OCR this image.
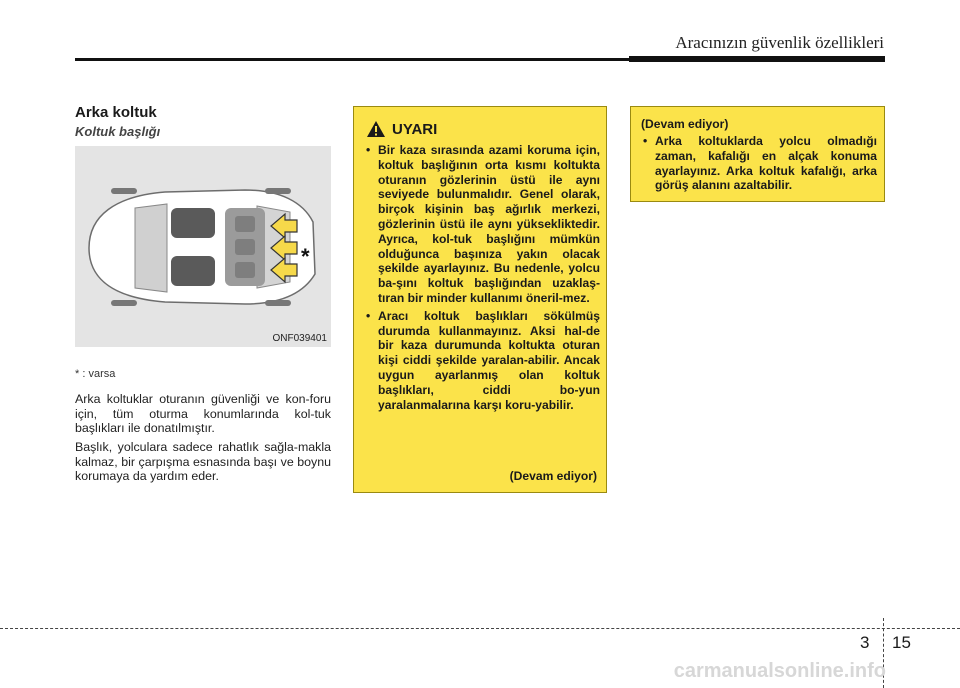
Aracınızın güvenlik özellikleri
Arka koltuk
Koltuk başlığı
*
ONF039401
* : varsa

Arka koltuklar oturanın güvenliği ve kon-foru için, tüm oturma konumlarında kol-tuk başlıkları ile donatılmıştır.

Başlık, yolculara sadece rahatlık sağla-makla kalmaz, bir çarpışma esnasında başı ve boynu korumaya da yardım eder.

UYARI
• Bir kaza sırasında azami koruma için, koltuk başlığının orta kısmı koltukta oturanın gözlerinin üstü ile aynı seviyede bulunmalıdır. Genel olarak, birçok kişinin baş ağırlık merkezi, gözlerinin üstü ile aynı yüksekliktedir. Ayrıca, kol-tuk başlığını mümkün olduğunca başınıza yakın olacak şekilde ayarlayınız. Bu nedenle, yolcu ba-şını koltuk başlığından uzaklaş-tıran bir minder kullanımı öneril-mez.
• Aracı koltuk başlıkları sökülmüş durumda kullanmayınız. Aksi hal-de bir kaza durumunda koltukta oturan kişi ciddi şekilde yaralan-abilir. Ancak uygun ayarlanmış olan koltuk başlıkları, ciddi bo-yun yaralanmalarına karşı koru-yabilir.
(Devam ediyor)
(Devam ediyor)
• Arka koltuklarda yolcu olmadığı zaman, kafalığı en alçak konuma ayarlayınız. Arka koltuk kafalığı, arka görüş alanını azaltabilir.
3 15
carmanualsonline.info
